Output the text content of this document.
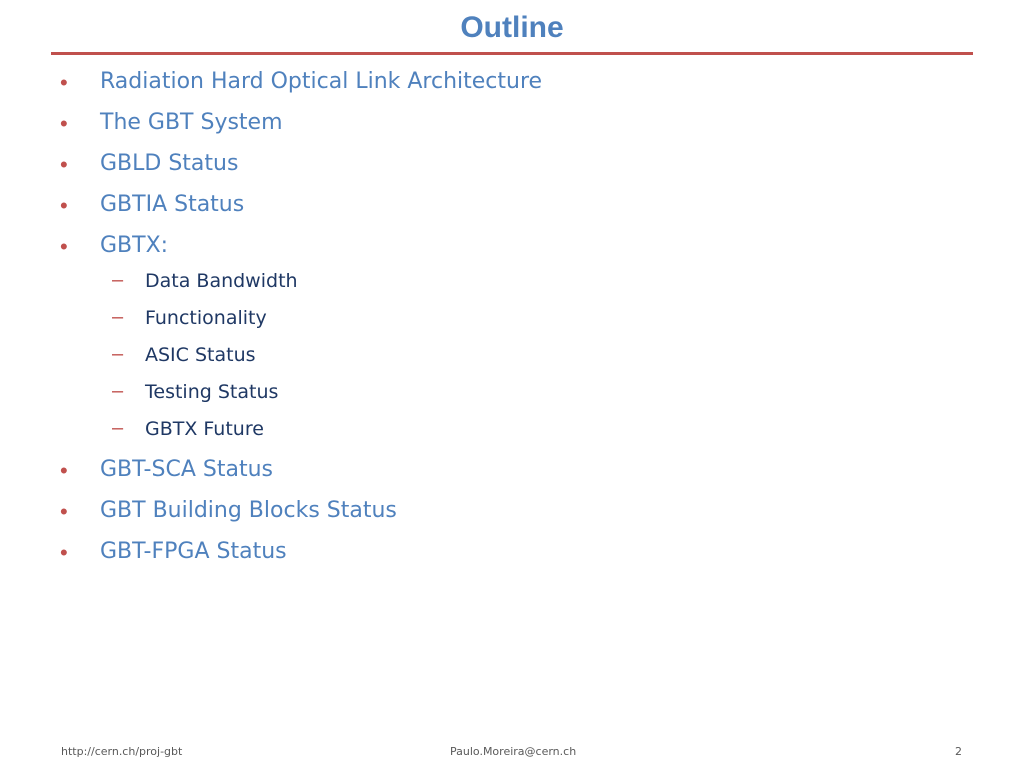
Outline
• Radiation Hard Optical Link Architecture
• The GBT System
• GBLD Status
• GBTIA Status
• GBTX:
– Data Bandwidth
– Functionality
– ASIC Status
– Testing Status
– GBTX Future
• GBT-SCA Status
• GBT Building Blocks Status
• GBT-FPGA Status
http://cern.ch/proj-gbt	Paulo.Moreira@cern.ch	2
